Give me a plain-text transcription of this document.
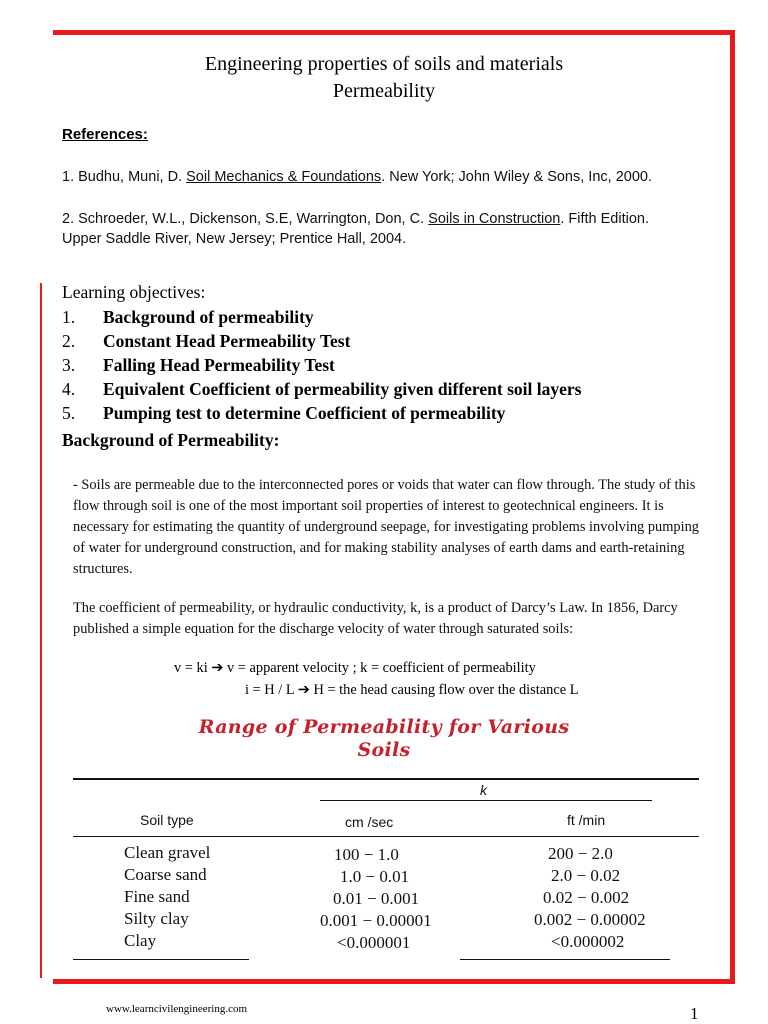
Engineering properties of soils and materials
Permeability
References:
1. Budhu, Muni, D. Soil Mechanics & Foundations. New York; John Wiley & Sons, Inc, 2000.
2. Schroeder, W.L., Dickenson, S.E, Warrington, Don, C. Soils in Construction. Fifth Edition. Upper Saddle River, New Jersey; Prentice Hall, 2004.
Learning objectives:
1. Background of permeability
2. Constant Head Permeability Test
3. Falling Head Permeability Test
4. Equivalent Coefficient of permeability given different soil layers
5. Pumping test to determine Coefficient of permeability
Background of Permeability:
- Soils are permeable due to the interconnected pores or voids that water can flow through. The study of this flow through soil is one of the most important soil properties of interest to geotechnical engineers. It is necessary for estimating the quantity of underground seepage, for investigating problems involving pumping of water for underground construction, and for making stability analyses of earth dams and earth-retaining structures.
The coefficient of permeability, or hydraulic conductivity, k, is a product of Darcy’s Law. In 1856, Darcy published a simple equation for the discharge velocity of water through saturated soils:
v = ki ➔ v = apparent velocity ; k = coefficient of permeability
i = H / L ➔ H = the head causing flow over the distance L
Range of Permeability for Various
Soils
k
Soil type	cm /sec	ft /min
Clean gravel	100 − 1.0	200 − 2.0
Coarse sand	1.0 − 0.01	2.0 − 0.02
Fine sand	0.01 − 0.001	0.02 − 0.002
Silty clay	0.001 − 0.00001	0.002 − 0.00002
Clay	<0.000001	<0.000002
www.learncivilengineering.com	1
